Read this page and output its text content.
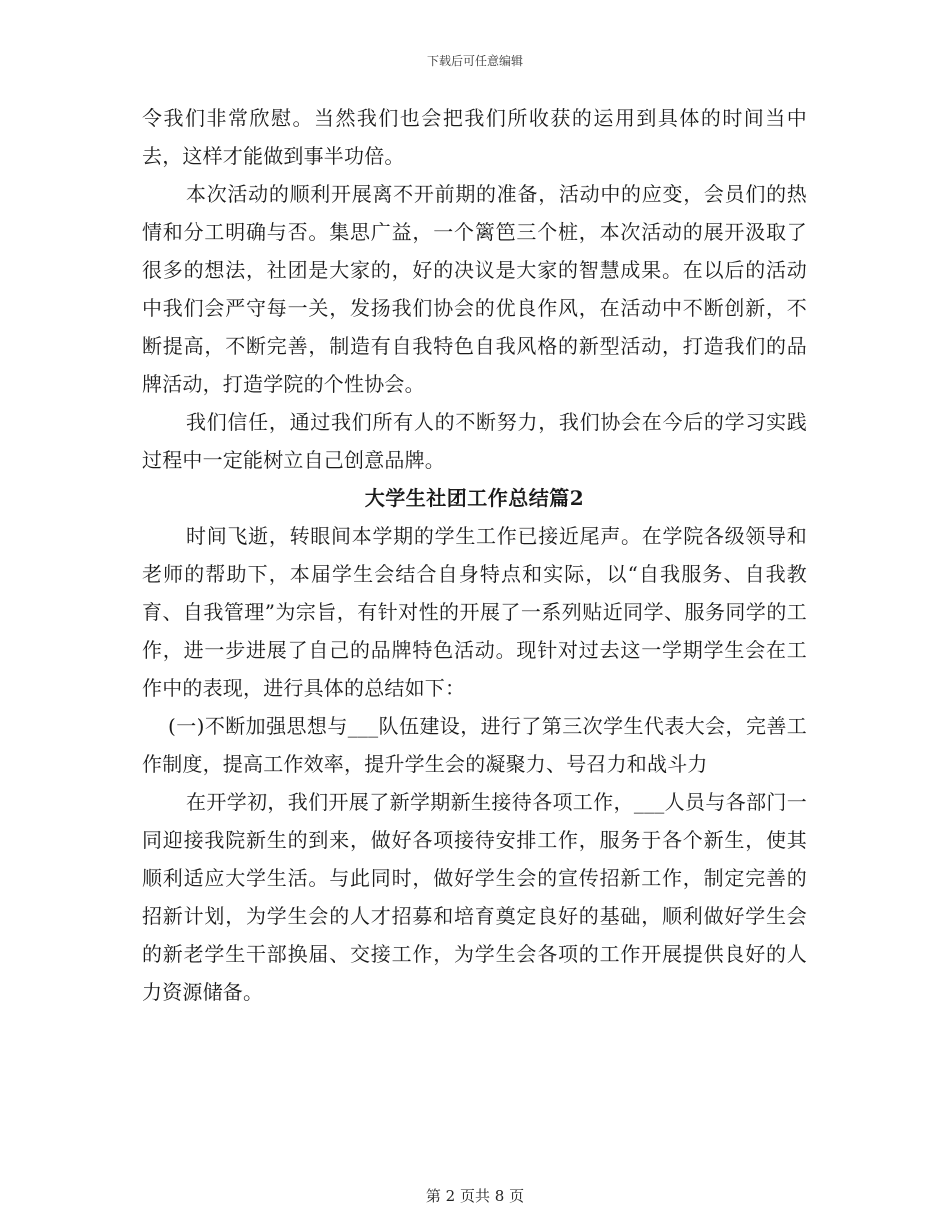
下载后可任意编辑

令我们非常欣慰。当然我们也会把我们所收获的运用到具体的时间当中去，这样才能做到事半功倍。

本次活动的顺利开展离不开前期的准备，活动中的应变，会员们的热情和分工明确与否。集思广益，一个篱笆三个桩，本次活动的展开汲取了很多的想法，社团是大家的，好的决议是大家的智慧成果。在以后的活动中我们会严守每一关，发扬我们协会的优良作风，在活动中不断创新，不断提高，不断完善，制造有自我特色自我风格的新型活动，打造我们的品牌活动，打造学院的个性协会。

我们信任，通过我们所有人的不断努力，我们协会在今后的学习实践过程中一定能树立自己创意品牌。

大学生社团工作总结篇2

时间飞逝，转眼间本学期的学生工作已接近尾声。在学院各级领导和老师的帮助下，本届学生会结合自身特点和实际，以“自我服务、自我教育、自我管理”为宗旨，有针对性的开展了一系列贴近同学、服务同学的工作，进一步进展了自己的品牌特色活动。现针对过去这一学期学生会在工作中的表现，进行具体的总结如下：

(一)不断加强思想与___队伍建设，进行了第三次学生代表大会，完善工作制度，提高工作效率，提升学生会的凝聚力、号召力和战斗力

在开学初，我们开展了新学期新生接待各项工作，___人员与各部门一同迎接我院新生的到来，做好各项接待安排工作，服务于各个新生，使其顺利适应大学生活。与此同时，做好学生会的宣传招新工作，制定完善的招新计划，为学生会的人才招募和培育奠定良好的基础，顺利做好学生会的新老学生干部换届、交接工作，为学生会各项的工作开展提供良好的人力资源储备。

第 2 页共 8 页
